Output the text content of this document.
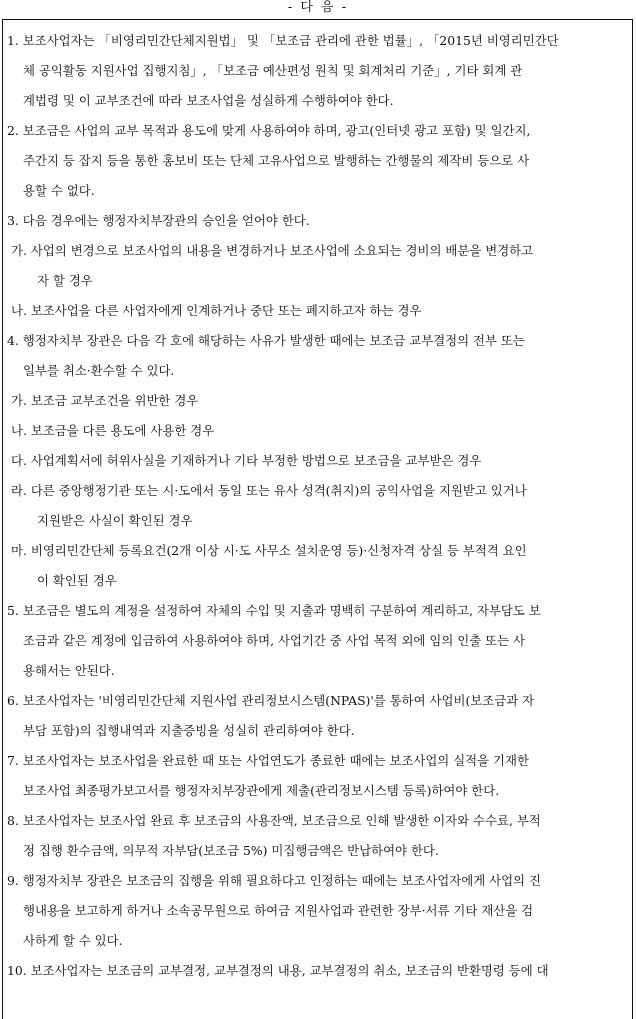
- 다 음 -
1. 보조사업자는 「비영리민간단체지원법」 및 「보조금 관리에 관한 법률」, 「2015년 비영리민간단
체 공익활동 지원사업 집행지침」, 「보조금 예산편성 원칙 및 회계처리 기준」, 기타 회계 관
계법령 및 이 교부조건에 따라 보조사업을 성실하게 수행하여야 한다.
2. 보조금은 사업의 교부 목적과 용도에 맞게 사용하여야 하며, 광고(인터넷 광고 포함) 및 일간지,
주간지 등 잡지 등을 통한 홍보비 또는 단체 고유사업으로 발행하는 간행물의 제작비 등으로 사
용할 수 없다.
3. 다음 경우에는 행정자치부장관의 승인을 얻어야 한다.
가. 사업의 변경으로 보조사업의 내용을 변경하거나 보조사업에 소요되는 경비의 배분을 변경하고
자 할 경우
나. 보조사업을 다른 사업자에게 인계하거나 중단 또는 폐지하고자 하는 경우
4. 행정자치부 장관은 다음 각 호에 해당하는 사유가 발생한 때에는 보조금 교부결정의 전부 또는
일부를 취소·환수할 수 있다.
가. 보조금 교부조건을 위반한 경우
나. 보조금을 다른 용도에 사용한 경우
다. 사업계획서에 허위사실을 기재하거나 기타 부정한 방법으로 보조금을 교부받은 경우
라. 다른 중앙행정기관 또는 시·도에서 동일 또는 유사 성격(취지)의 공익사업을 지원받고 있거나
지원받은 사실이 확인된 경우
마. 비영리민간단체 등록요건(2개 이상 시·도 사무소 설치운영 등)·신청자격 상실 등 부적격 요인
이 확인된 경우
5. 보조금은 별도의 계정을 설정하여 자체의 수입 및 지출과 명백히 구분하여 계리하고, 자부담도 보
조금과 같은 계정에 입금하여 사용하여야 하며, 사업기간 중 사업 목적 외에 임의 인출 또는 사
용해서는 안된다.
6. 보조사업자는 '비영리민간단체 지원사업 관리정보시스템(NPAS)'를 통하여 사업비(보조금과 자
부담 포함)의 집행내역과 지출증빙을 성실히 관리하여야 한다.
7. 보조사업자는 보조사업을 완료한 때 또는 사업연도가 종료한 때에는 보조사업의 실적을 기재한
보조사업 최종평가보고서를 행정자치부장관에게 제출(관리정보시스템 등록)하여야 한다.
8. 보조사업자는 보조사업 완료 후 보조금의 사용잔액, 보조금으로 인해 발생한 이자와 수수료, 부적
정 집행 환수금액, 의무적 자부담(보조금 5%) 미집행금액은 반납하여야 한다.
9. 행정자치부 장관은 보조금의 집행을 위해 필요하다고 인정하는 때에는 보조사업자에게 사업의 진
행내용을 보고하게 하거나 소속공무원으로 하여금 지원사업과 관련한 장부·서류 기타 재산을 검
사하게 할 수 있다.
10. 보조사업자는 보조금의 교부결정, 교부결정의 내용, 교부결정의 취소, 보조금의 반환명령 등에 대
